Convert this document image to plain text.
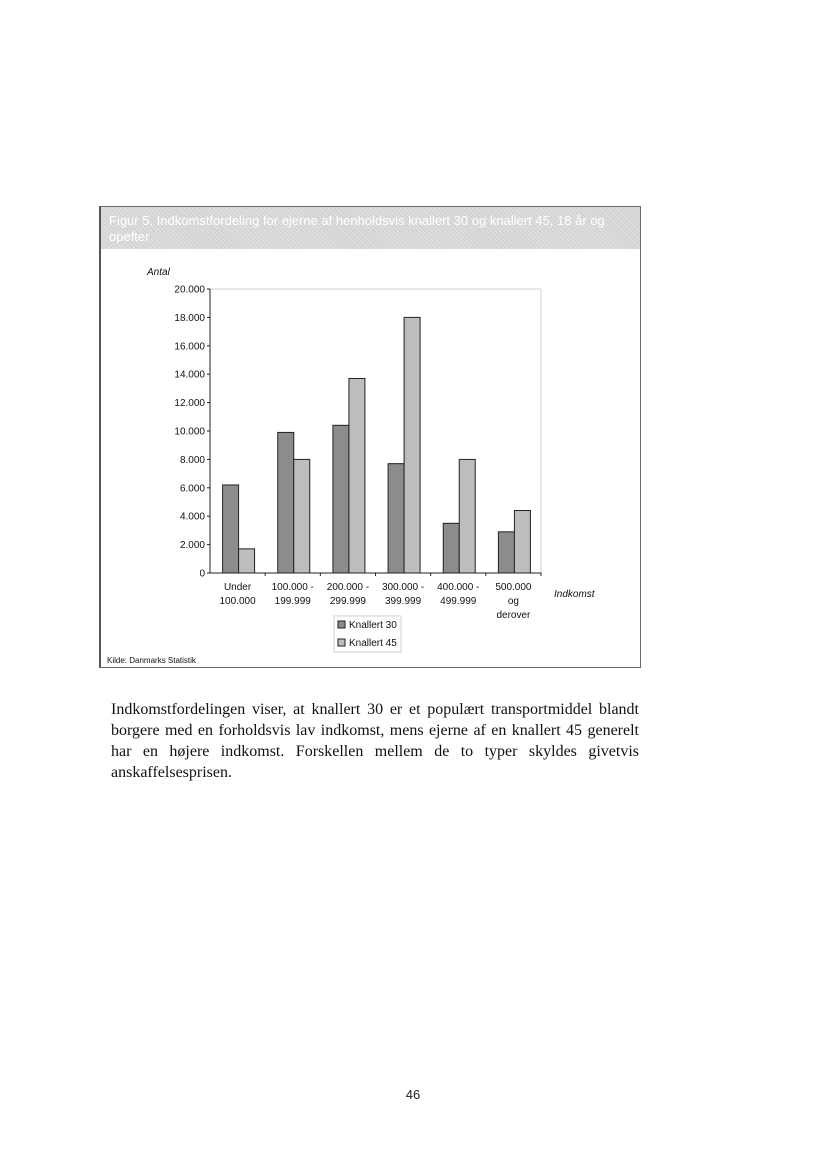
Figur 5. Indkomstfordeling for ejerne af henholdsvis knallert 30 og knallert 45, 18 år og opefter
0
2.000
4.000
6.000
8.000
10.000
12.000
14.000
16.000
18.000
20.000
Antal
Under
100.000
100.000 -
199.999
200.000 -
299.999
300.000 -
399.999
400.000 -
499.999
500.000
og
derover
Indkomst
Knallert 30
Knallert 45
Kilde: Danmarks Statistik

Indkomstfordelingen viser, at knallert 30 er et populært transportmiddel blandt borgere med en forholdsvis lav indkomst, mens ejerne af en knallert 45 generelt har en højere indkomst. Forskellen mellem de to typer skyldes givetvis anskaffelsesprisen.

46
